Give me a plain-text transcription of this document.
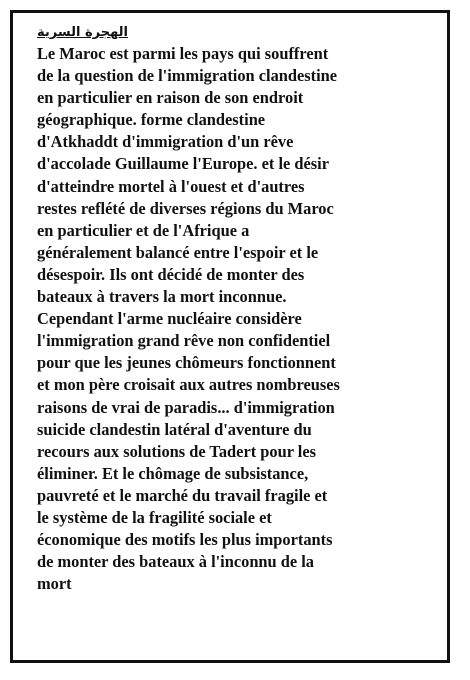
الهجرة السرية
Le Maroc est parmi les pays qui souffrent
de la question de l'immigration clandestine
en particulier en raison de son endroit
géographique. forme clandestine
d'Atkhaddt d'immigration d'un rêve
d'accolade Guillaume l'Europe. et le désir
d'atteindre mortel à l'ouest et d'autres
restes reflété de diverses régions du Maroc
en particulier et de l'Afrique a
généralement balancé entre l'espoir et le
désespoir. Ils ont décidé de monter des
bateaux à travers la mort inconnue.
Cependant l'arme nucléaire considère
l'immigration grand rêve non confidentiel
pour que les jeunes chômeurs fonctionnent
et mon père croisait aux autres nombreuses
raisons de vrai de paradis... d'immigration
suicide clandestin latéral d'aventure du
recours aux solutions de Tadert pour les
éliminer. Et le chômage de subsistance,
pauvreté et le marché du travail fragile et
le système de la fragilité sociale et
économique des motifs les plus importants
de monter des bateaux à l'inconnu de la
mort
